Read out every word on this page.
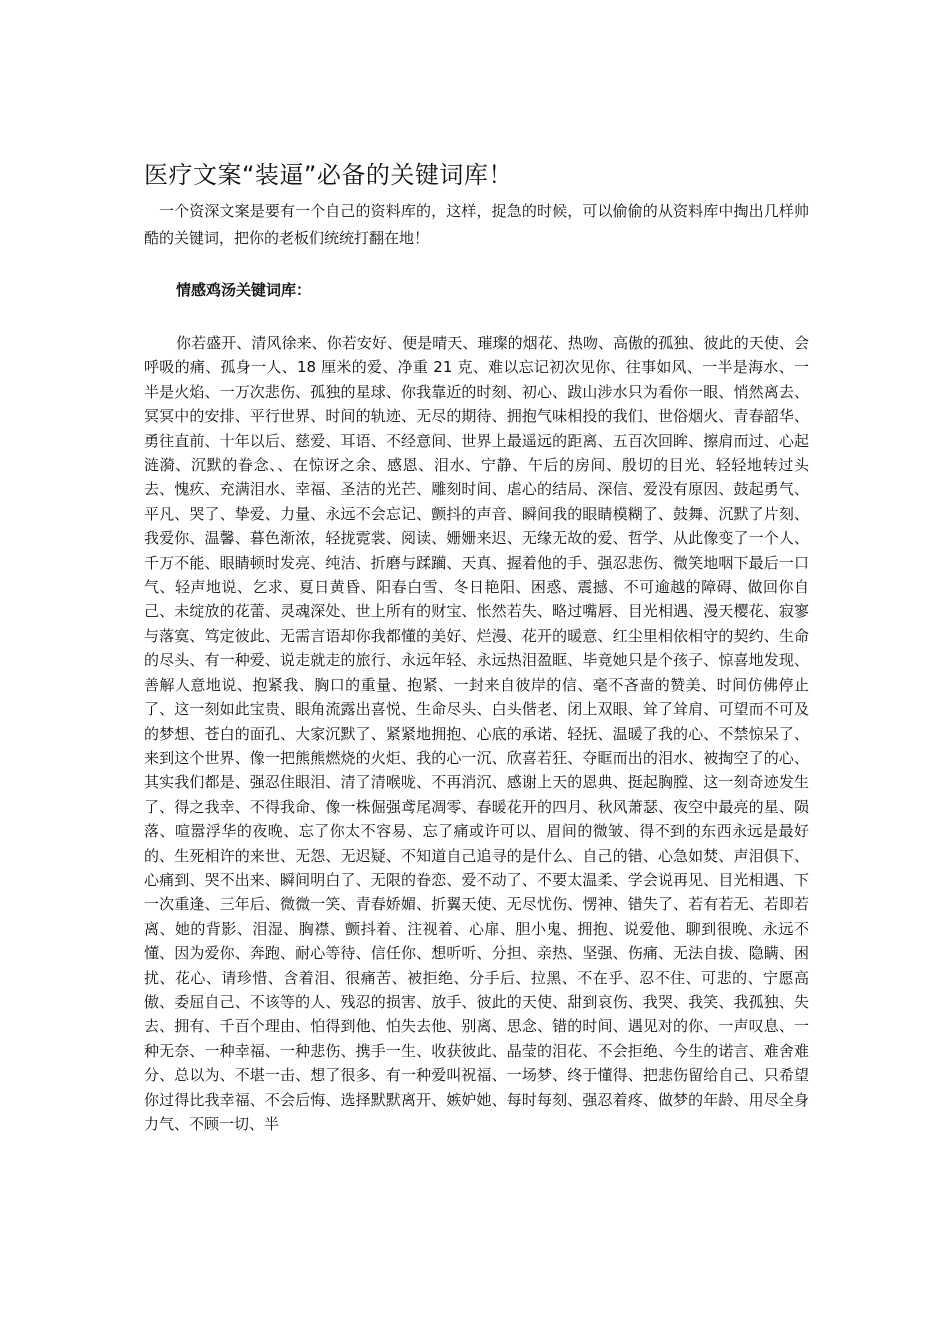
医疗文案“装逼”必备的关键词库！

一个资深文案是要有一个自己的资料库的，这样，捉急的时候，可以偷偷的从资料库中掏出几样帅酷的关键词，把你的老板们统统打翻在地！

情感鸡汤关键词库：

你若盛开、清风徐来、你若安好、便是晴天、璀璨的烟花、热吻、高傲的孤独、彼此的天使、会呼吸的痛、孤身一人、18 厘米的爱、净重 21 克、难以忘记初次见你、往事如风、一半是海水、一半是火焰、一万次悲伤、孤独的星球、你我靠近的时刻、初心、跋山涉水只为看你一眼、悄然离去、冥冥中的安排、平行世界、时间的轨迹、无尽的期待、拥抱气味相投的我们、世俗烟火、青春韶华、勇往直前、十年以后、慈爱、耳语、不经意间、世界上最遥远的距离、五百次回眸、擦肩而过、心起涟漪、沉默的眷念、、在惊讶之余、感恩、泪水、宁静、午后的房间、殷切的目光、轻轻地转过头去、愧疚、充满泪水、幸福、圣洁的光芒、雕刻时间、虐心的结局、深信、爱没有原因、鼓起勇气、平凡、哭了、挚爱、力量、永远不会忘记、颤抖的声音、瞬间我的眼睛模糊了、鼓舞、沉默了片刻、我爱你、温馨、暮色渐浓，轻拢霓裳、阅读、姗姗来迟、无缘无故的爱、哲学、从此像变了一个人、千万不能、眼睛顿时发亮、纯洁、折磨与蹂躏、天真、握着他的手、强忍悲伤、微笑地咽下最后一口气、轻声地说、乞求、夏日黄昏、阳春白雪、冬日艳阳、困惑、震撼、不可逾越的障碍、做回你自己、未绽放的花蕾、灵魂深处、世上所有的财宝、怅然若失、略过嘴唇、目光相遇、漫天樱花、寂寥与落寞、笃定彼此、无需言语却你我都懂的美好、烂漫、花开的暖意、红尘里相依相守的契约、生命的尽头、有一种爱、说走就走的旅行、永远年轻、永远热泪盈眶、毕竟她只是个孩子、惊喜地发现、善解人意地说、抱紧我、胸口的重量、抱紧、一封来自彼岸的信、毫不吝啬的赞美、时间仿佛停止了、这一刻如此宝贵、眼角流露出喜悦、生命尽头、白头偕老、闭上双眼、耸了耸肩、可望而不可及的梦想、苍白的面孔、大家沉默了、紧紧地拥抱、心底的承诺、轻抚、温暖了我的心、不禁惊呆了、来到这个世界、像一把熊熊燃烧的火炬、我的心一沉、欣喜若狂、夺眶而出的泪水、被掏空了的心、其实我们都是、强忍住眼泪、清了清喉咙、不再消沉、感谢上天的恩典、挺起胸膛、这一刻奇迹发生了、得之我幸、不得我命、像一株倔强鸢尾凋零、春暖花开的四月、秋风萧瑟、夜空中最亮的星、陨落、喧嚣浮华的夜晚、忘了你太不容易、忘了痛或许可以、眉间的微皱、得不到的东西永远是最好的、生死相许的来世、无怨、无迟疑、不知道自己追寻的是什么、自己的错、心急如焚、声泪俱下、心痛到、哭不出来、瞬间明白了、无限的眷恋、爱不动了、不要太温柔、学会说再见、目光相遇、下一次重逢、三年后、微微一笑、青春娇媚、折翼天使、无尽忧伤、愣神、错失了、若有若无、若即若离、她的背影、泪湿、胸襟、颤抖着、注视着、心扉、胆小鬼、拥抱、说爱他、聊到很晚、永远不懂、因为爱你、奔跑、耐心等待、信任你、想听听、分担、亲热、坚强、伤痛、无法自拔、隐瞒、困扰、花心、请珍惜、含着泪、很痛苦、被拒绝、分手后、拉黑、不在乎、忍不住、可悲的、宁愿高傲、委屈自己、不该等的人、残忍的损害、放手、彼此的天使、甜到哀伤、我哭、我笑、我孤独、失去、拥有、千百个理由、怕得到他、怕失去他、别离、思念、错的时间、遇见对的你、一声叹息、一种无奈、一种幸福、一种悲伤、携手一生、收获彼此、晶莹的泪花、不会拒绝、今生的诺言、难舍难分、总以为、不堪一击、想了很多、有一种爱叫祝福、一场梦、终于懂得、把悲伤留给自己、只希望你过得比我幸福、不会后悔、选择默默离开、嫉妒她、每时每刻、强忍着疼、做梦的年龄、用尽全身力气、不顾一切、半
